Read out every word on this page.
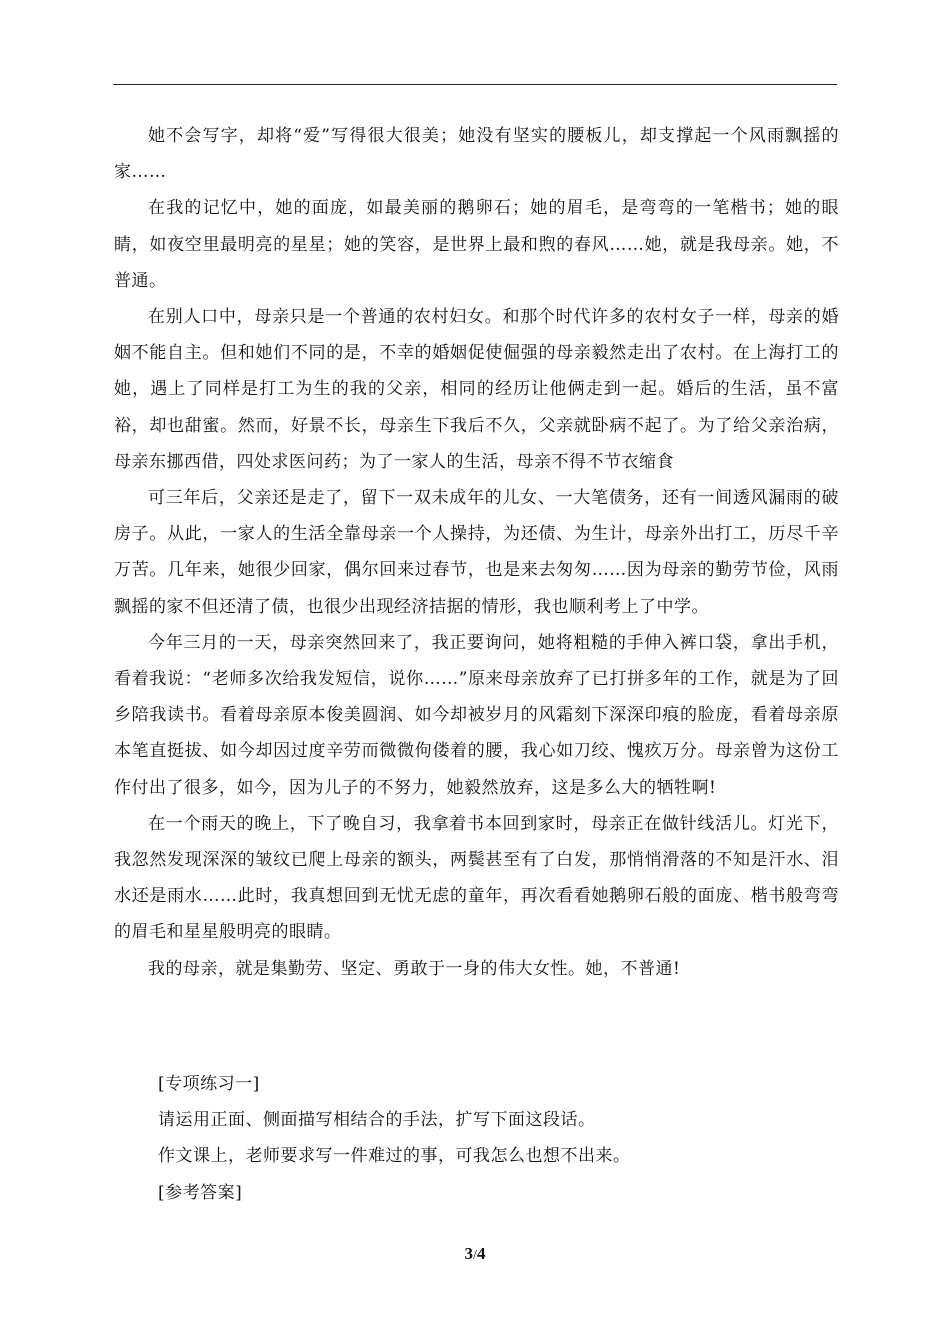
她不会写字，却将“爱”写得很大很美；她没有坚实的腰板儿，却支撑起一个风雨飘摇的家……

在我的记忆中，她的面庞，如最美丽的鹅卵石；她的眉毛，是弯弯的一笔楷书；她的眼睛，如夜空里最明亮的星星；她的笑容，是世界上最和煦的春风……她，就是我母亲。她，不普通。

在别人口中，母亲只是一个普通的农村妇女。和那个时代许多的农村女子一样，母亲的婚姻不能自主。但和她们不同的是，不幸的婚姻促使倔强的母亲毅然走出了农村。在上海打工的她，遇上了同样是打工为生的我的父亲，相同的经历让他俩走到一起。婚后的生活，虽不富裕，却也甜蜜。然而，好景不长，母亲生下我后不久，父亲就卧病不起了。为了给父亲治病，母亲东挪西借，四处求医问药；为了一家人的生活，母亲不得不节衣缩食

可三年后，父亲还是走了，留下一双未成年的儿女、一大笔债务，还有一间透风漏雨的破房子。从此，一家人的生活全靠母亲一个人操持，为还债、为生计，母亲外出打工，历尽千辛万苦。几年来，她很少回家，偶尔回来过春节，也是来去匆匆……因为母亲的勤劳节俭，风雨飘摇的家不但还清了债，也很少出现经济拮据的情形，我也顺利考上了中学。

今年三月的一天，母亲突然回来了，我正要询问，她将粗糙的手伸入裤口袋，拿出手机，看着我说：“老师多次给我发短信，说你……”原来母亲放弃了已打拼多年的工作，就是为了回乡陪我读书。看着母亲原本俊美圆润、如今却被岁月的风霜刻下深深印痕的脸庞，看着母亲原本笔直挺拔、如今却因过度辛劳而微微佝偻着的腰，我心如刀绞、愧疚万分。母亲曾为这份工作付出了很多，如今，因为儿子的不努力，她毅然放弃，这是多么大的牺牲啊!

在一个雨天的晚上，下了晚自习，我拿着书本回到家时，母亲正在做针线活儿。灯光下，我忽然发现深深的皱纹已爬上母亲的额头，两鬓甚至有了白发，那悄悄滑落的不知是汗水、泪水还是雨水……此时，我真想回到无忧无虑的童年，再次看看她鹅卵石般的面庞、楷书般弯弯的眉毛和星星般明亮的眼睛。

我的母亲，就是集勤劳、坚定、勇敢于一身的伟大女性。她，不普通!

[专项练习一]

请运用正面、侧面描写相结合的手法，扩写下面这段话。

作文课上，老师要求写一件难过的事，可我怎么也想不出来。

[参考答案]

3/4
